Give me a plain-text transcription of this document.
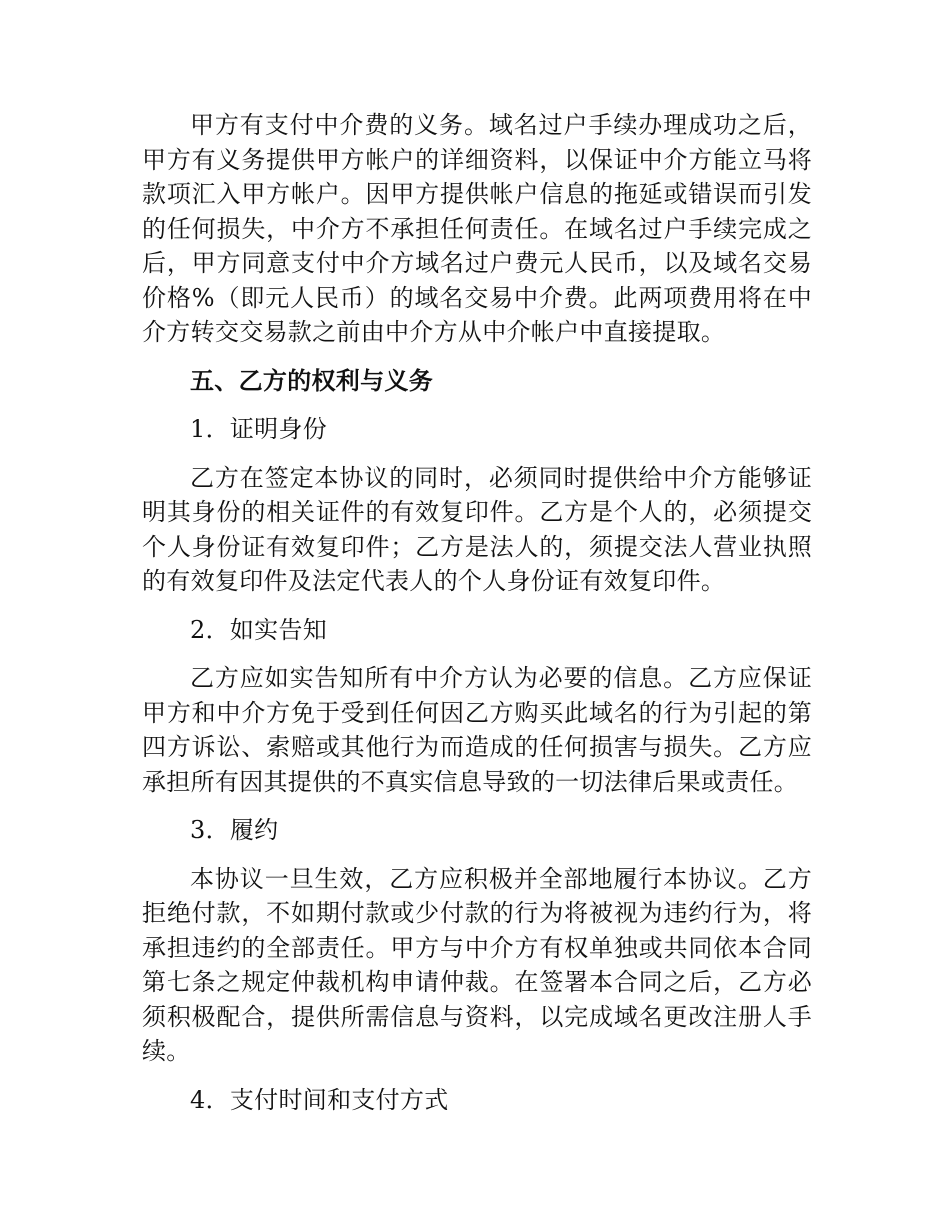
甲方有支付中介费的义务。域名过户手续办理成功之后，甲方有义务提供甲方帐户的详细资料，以保证中介方能立马将款项汇入甲方帐户。因甲方提供帐户信息的拖延或错误而引发的任何损失，中介方不承担任何责任。在域名过户手续完成之后，甲方同意支付中介方域名过户费元人民币，以及域名交易价格%（即元人民币）的域名交易中介费。此两项费用将在中介方转交交易款之前由中介方从中介帐户中直接提取。

五、乙方的权利与义务

1．证明身份

乙方在签定本协议的同时，必须同时提供给中介方能够证明其身份的相关证件的有效复印件。乙方是个人的，必须提交个人身份证有效复印件；乙方是法人的，须提交法人营业执照的有效复印件及法定代表人的个人身份证有效复印件。

2．如实告知

乙方应如实告知所有中介方认为必要的信息。乙方应保证甲方和中介方免于受到任何因乙方购买此域名的行为引起的第四方诉讼、索赔或其他行为而造成的任何损害与损失。乙方应承担所有因其提供的不真实信息导致的一切法律后果或责任。

3．履约

本协议一旦生效，乙方应积极并全部地履行本协议。乙方拒绝付款，不如期付款或少付款的行为将被视为违约行为，将承担违约的全部责任。甲方与中介方有权单独或共同依本合同第七条之规定仲裁机构申请仲裁。在签署本合同之后，乙方必须积极配合，提供所需信息与资料，以完成域名更改注册人手续。

4．支付时间和支付方式
